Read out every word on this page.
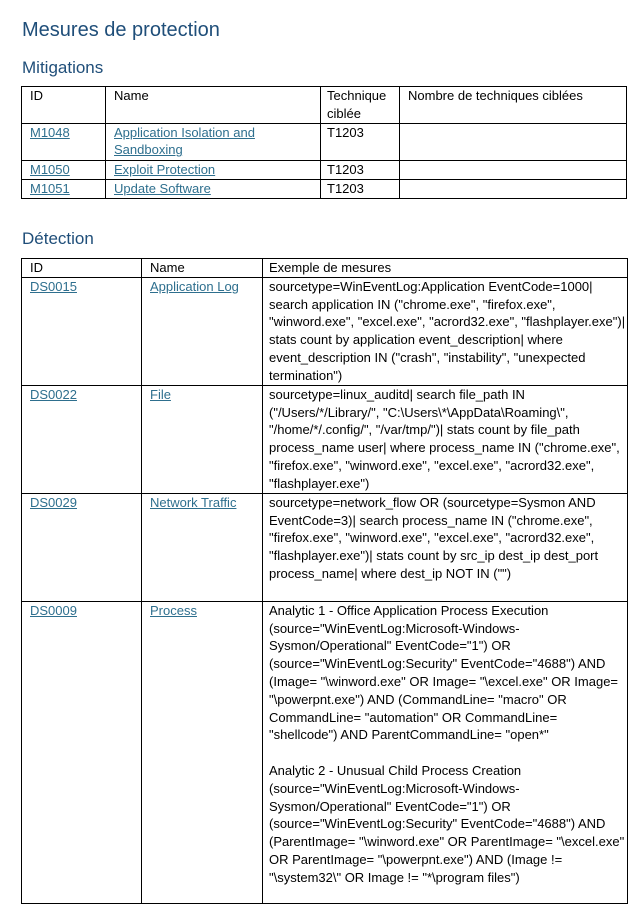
Mesures de protection
Mitigations
ID	Name	Technique ciblée	Nombre de techniques ciblées
M1048	Application Isolation and Sandboxing	T1203	
M1050	Exploit Protection	T1203	
M1051	Update Software	T1203	
Détection
ID	Name	Exemple de mesures
DS0015	Application Log	sourcetype=WinEventLog:Application EventCode=1000| search application IN ("chrome.exe", "firefox.exe", "winword.exe", "excel.exe", "acrord32.exe", "flashplayer.exe")| stats count by application event_description| where event_description IN ("crash", "instability", "unexpected termination")
DS0022	File	sourcetype=linux_auditd| search file_path IN ("/Users/*/Library/", "C:\Users\*\AppData\Roaming\", "/home/*/.config/", "/var/tmp/")| stats count by file_path process_name user| where process_name IN ("chrome.exe", "firefox.exe", "winword.exe", "excel.exe", "acrord32.exe", "flashplayer.exe")
DS0029	Network Traffic	sourcetype=network_flow OR (sourcetype=Sysmon AND EventCode=3)| search process_name IN ("chrome.exe", "firefox.exe", "winword.exe", "excel.exe", "acrord32.exe", "flashplayer.exe")| stats count by src_ip dest_ip dest_port process_name| where dest_ip NOT IN ("")
DS0009	Process	Analytic 1 - Office Application Process Execution (source="WinEventLog:Microsoft-Windows-Sysmon/Operational" EventCode="1") OR (source="WinEventLog:Security" EventCode="4688") AND (Image= "\winword.exe" OR Image= "\excel.exe" OR Image= "\powerpnt.exe") AND (CommandLine= "macro" OR CommandLine= "automation" OR CommandLine= "shellcode") AND ParentCommandLine= "open*"

Analytic 2 - Unusual Child Process Creation (source="WinEventLog:Microsoft-Windows-Sysmon/Operational" EventCode="1") OR (source="WinEventLog:Security" EventCode="4688") AND (ParentImage= "\winword.exe" OR ParentImage= "\excel.exe" OR ParentImage= "\powerpnt.exe") AND (Image != "\system32\" OR Image != "*\program files")
